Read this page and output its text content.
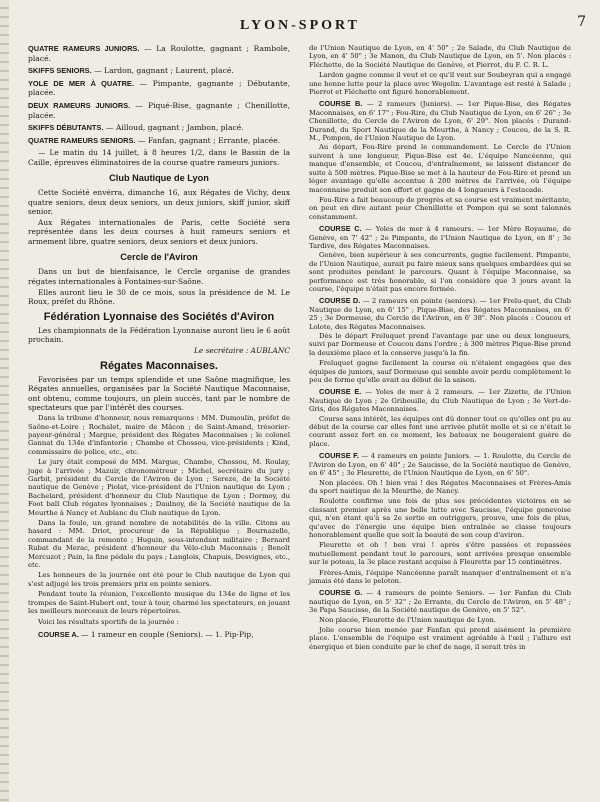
LYON-SPORT	7
QUATRE RAMEURS JUNIORS. — La Roulotte, gagnant ; Rambole, placé.
SKIFFS SENIORS. — Lardon, gagnant ; Laurent, placé.
YOLE DE MER À QUATRE. — Pimpante, gagnante ; Débutante, placée.
DEUX RAMEURS JUNIORS. — Piqué-Bise, gagnante ; Chenillotte, placée.
SKIFFS DÉBUTANTS. — Ailloud, gagnant ; Jambon, placé.
QUATRE RAMEURS SENIORS. — Fanfan, gagnant ; Errante, placée.

— Le matin du 14 juillet, à 8 heures 1/2, dans le Bassin de la Caille, épreuves éliminatoires de la course quatre rameurs juniors.

Club Nautique de Lyon

Cette Société envérra, dimanche 16, aux Régates de Vichy, deux quatre seniors, deux deux seniors, un deux juniors, skiff junior, skiff senior.

Aux Régates internationales de Paris, cette Société sera représentée dans les deux courses à huit rameurs seniors et armement libre, quatre seniors, deux seniors et deux juniors.

Cercle de l'Aviron

Dans un but de bienfaisance, le Cercle organise de grandes régates internationales à Fontaines-sur-Saône.

Elles auront lieu le 30 de ce mois, sous la présidence de M. Le Roux, préfet du Rhône.

Fédération Lyonnaise des Sociétés d'Aviron

Les championnats de la Fédération Lyonnaise auront lieu le 6 août prochain.

Le secrétaire : AUBLANC

Régates Maconnaises.

Favorisées par un temps splendide et une Saône magnifique, les Régates annuelles, organisées par la Société Nautique Maconnaise, ont obtenu, comme toujours, un plein succès, tant par le nombre de spectateurs que par l'intérêt des courses.

Dans la tribune d'honneur, nous remarquons : MM. Dumoulin, préfet de Saône-et-Loire ; Rochalet, maire de Mâcon ; de Saint-Amand, trésorier-payeur-général ; Margue, président des Régates Maconnaises ; le colonel Gannat du 134e d'infanterie ; Chambe et Chossou, vice-présidents ; Kind, commissaire de police, etc., etc.

Le jury était composé de MM. Margue, Chambe, Chossou, M. Roulay, juge à l'arrivée ; Mazuir, chronométreur ; Michel, secrétaire du jury ; Garbit, président du Cercle de l'Aviron de Lyon ; Sereze, de la Société nautique de Genève ; Piolat, vice-président de l'Union nautique de Lyon ; Bachelard, président d'honneur du Club Nautique de Lyon ; Dormoy, du Foot ball Club régates lyonnaises ; Daulnoy, de la Société nautique de la Meurthe à Nancy et Aublanc du Club nautique de Lyon.

Dans la foule, un grand nombre de notabilités de la ville. Citons au hasard : MM. Driot, procureur de la République ; Bournazelle, commandant de la remonte ; Huguin, sous-intendant militaire ; Bernard Rubat du Merac, président d'honneur du Vélo-club Maconnais ; Benoît Mercuzot ; Pain, la fine pédale du pays ; Langlois, Chapuis, Desvignes, etc., etc.

Les honneurs de la journée ont été pour le Club nautique de Lyon qui s'est adjugé les trois premiers prix en pointe seniors.

Pendant toute la réunion, l'excellente musique du 134e de ligne et les trompes de Saint-Hubert ont, tour à tour, charmé les spectateurs, en jouant les meilleurs morceaux de leurs répertoires.

Voici les résultats sportifs de la journée :

COURSE A. — 1 rameur en couple (Seniors). — 1. Pip-Pip,

de l'Union Nautique de Lyon, en 4' 50" ; 2e Salade, du Club Nautique de Lyon, en 4' 50" ; 3e Manon, du Club Nautique de Lyon, en 5'. Non placés : Fléchette, de la Société Nautique de Genève, et Pierrot, du F. C. R. L.

Lardon gagne comme il veut et ce qu'il veut sur Soubeyran qui a engagé une bonne lutte pour la place avec Wegelin. L'avantage est resté à Salade ; Pierrot et Fléchette ont figuré honorablement.

COURSE B. — 2 rameurs (Juniors). — 1er Pique-Bise, des Régates Maconnaises, en 6' 17" ; Fou-Rire, du Club Nautique de Lyon, en 6' 26" ; 3e Chenillotte, du Cercle de l'Aviron de Lyon, 6' 29". Non placés : Durand-Durand, du Sport Nautique de la Meurthe, à Nancy ; Coucou, de la S. R. M., Pompon, de l'Union Nautique de Lyon.

Au départ, Fou-Rire prend le commandement. Le Cercle de l'Union suivent à une longueur, Pique-Bise est 4e. L'équipe Nancéenne, qui manque d'ensemble, et Coucou, d'entraînement, se laissent distancer de suite à 500 mètres. Pique-Bise se met à la hauteur de Fou-Rire et prend un léger avantage qu'elle accentue à 200 mètres de l'arrivée, où l'équipe maconnaise produit son effort et gagne de 4 longueurs à l'estacade.

Fou-Rire a fait beaucoup de progrès et sa course est vraiment méritante, on peut en dire autant pour Chenillotte et Pompon qui se sont talonnés constamment.

COURSE C. — Yoles de mer à 4 rameurs. — 1er Mère Royaume, de Genève, en 7' 42" ; 2e Pimpante, de l'Union Nautique de Lyon, en 8' ; 3e Tardive, des Régates Maconnaises.

Genève, bien supérieur à ses concurrents, gagne facilement. Pimpante, de l'Union Nautique, aurait pu faire mieux sans quelques embardées qui se sont produites pendant le parcours. Quant à l'équipe Maconnaise, sa performance est très honorable, si l'on considère que 3 jours avant la course, l'équipe n'était pas encore formée.

COURSE D. — 2 rameurs en pointe (seniors). — 1er Frelu-quet, du Club Nautique de Lyon, en 6' 15" ; Pique-Bise, des Régates Maconnaises, en 6' 25 ; 3e Dormeuse, du Cercle de l'Aviron, en 6' 38". Non placés : Coucou et Lolote, des Régates Maconnaises.

Dès le départ Freluquet prend l'avantage par une ou deux longueurs, suivi par Dormeuse et Coucou dans l'ordre ; à 300 mètres Pique-Bise prend la deuxième place et la conserve jusqu'à la fin.

Freluquet gagne facilement la course où n'étaient engagées que des équipes de juniors, sauf Dormeuse qui semble avoir perdu complètement le peu de forme qu'elle avait au début de la saison.

COURSE E. — Yoles de mer à 2 rameurs. — 1er Zizette, de l'Union Nautique de Lyon ; 2e Gribouille, du Club Nautique de Lyon ; 3e Vert-de-Gris, des Régates Maconnaises.

Course sans intérêt, les équipes ont dû donner tout ce qu'elles ont pu au début de la course car elles font une arrivée plutôt molle et si ce n'était le courant assez fort en ce moment, les bateaux ne bougeraient guère de place.

COURSE F. — 4 rameurs en pointe Juniors. — 1. Roulotte, du Cercle de l'Aviron de Lyon, en 6' 40" ; 2e Saucisse, de la Société nautique de Genève, en 6' 45" ; 3e Fleurette, de l'Union Nautique de Lyon, en 6' 50".

Non placées. Oh ! bien vrai ! des Régates Maconnaises et Frères-Amis du sport nautique de la Meurthe, de Nancy.

Roulotte confirme une fois de plus ses précédentes victoires en se classant premier après une belle lutte avec Saucisse, l'équipe genevoise qui, n'en étant qu'à sa 2e sortie en outriggers, prouve, une fois de plus, qu'avec de l'énergie une équipe bien entraînée se classe toujours honorablement quelle que soit la beauté de son coup d'aviron.

Fleurette et oh ! ben vrai ! après s'être passées et repassées mutuellement pendant tout le parcours, sont arrivées presque ensemble sur le poteau, la 3e place restant acquise à Fleurette par 15 centimètres.

Frères-Amis, l'équipe Nancéenne paraît manquer d'entraînement et n'a jamais été dans le peloton.

COURSE G. — 4 rameurs de pointe Seniors. — 1er Fanfan du Club nautique de Lyon, en 5' 32" ; 2e Errante, du Cercle de l'Aviron, en 5' 48" ; 3e Papa Saucisse, de la Société nautique de Genève, en 5' 52".

Non placée, Fleurette de l'Union nautique de Lyon.

Jolie course bien menée par Fanfan qui prend aisément la première place. L'ensemble de l'équipe est vraiment agréable à l'œil ; l'allure est énergique et bien conduite par le chef de nage, il serait très in
